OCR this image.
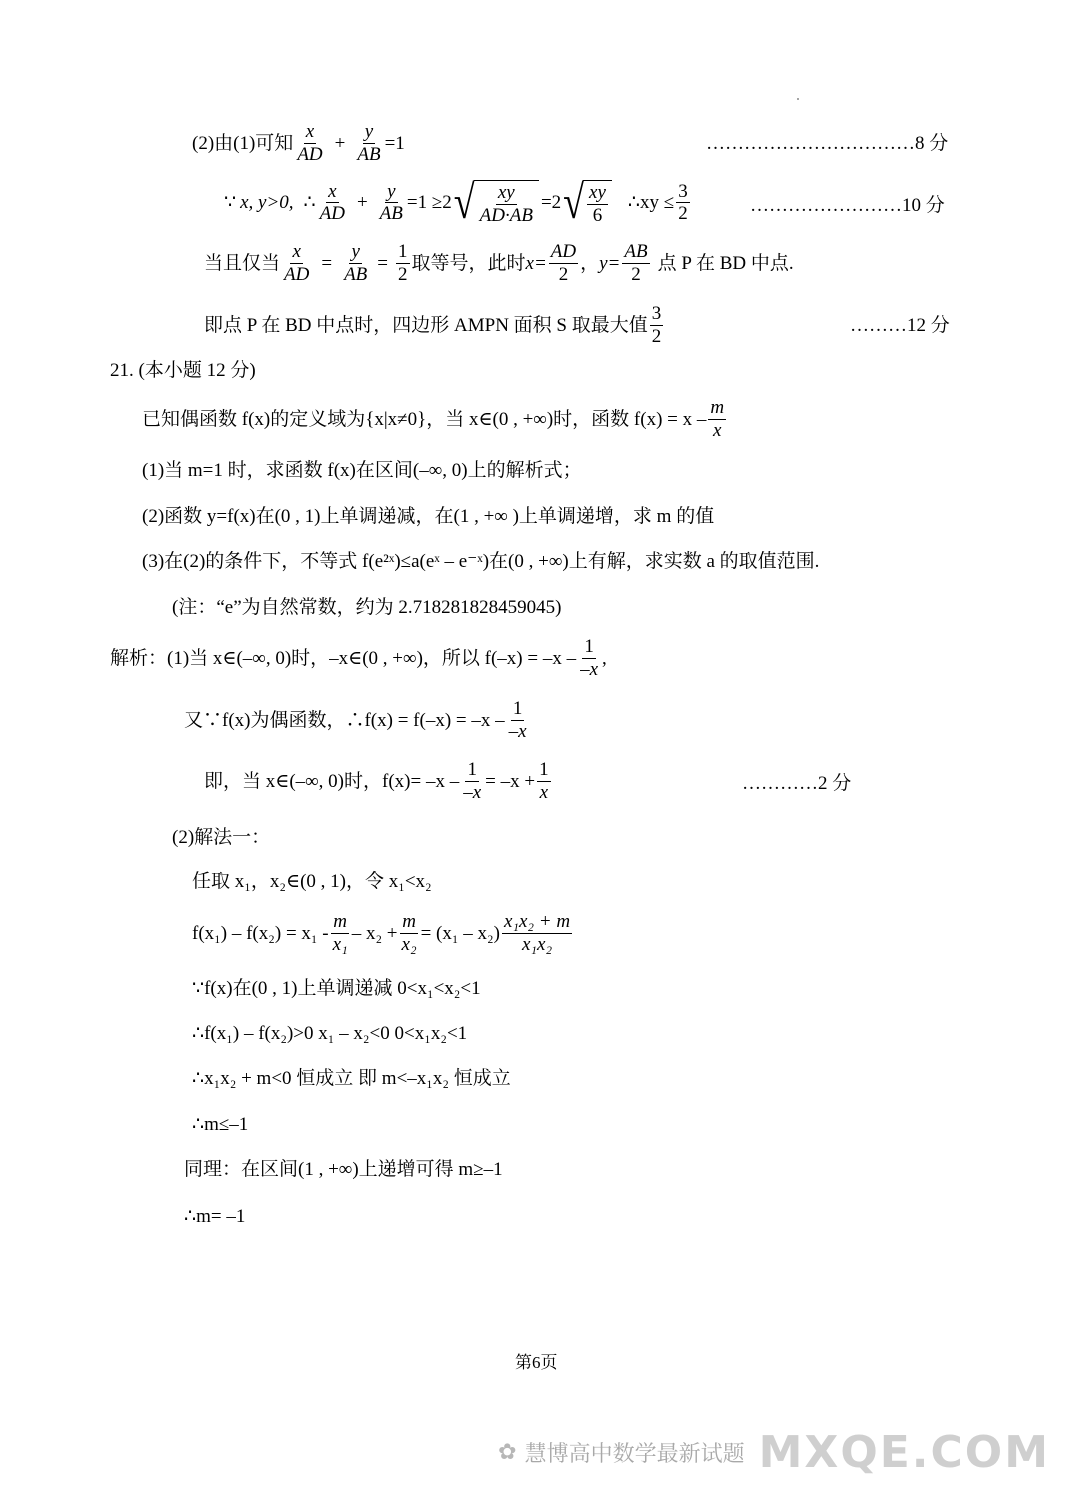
(2)由(1)可知 $\frac{x}{AD} + \frac{y}{AB} =1$	……………………………8 分
∵ x, y>0, ∴ $\frac{x}{AD} + \frac{y}{AB} =1 \ge 2$ √ $\frac{xy}{AD\cdot AB} =2$ √ $\frac{xy}{6}$ ∴xy ≤ $\frac{3}{2}$	……………………10 分
当且仅当 $\frac{x}{AD} = \frac{y}{AB} = \frac{1}{2}$ 取等号，此时 $x= \frac{AD}{2}$ ， $y= \frac{AB}{2}$ 点 P 在 BD 中点.
即点 P 在 BD 中点时，四边形 AMPN 面积 S 取最大值 $\frac{3}{2}$	………12 分
21. (本小题 12 分)
已知偶函数 f(x)的定义域为{x|x≠0}，当 x∈(0 , +∞)时，函数 $f(x) = x - \frac{m}{x}$
(1)当 m=1 时，求函数 f(x)在区间(–∞, 0)上的解析式；
(2)函数 y=f(x)在(0 , 1)上单调递减，在(1 , +∞ )上单调递增，求 m 的值
(3)在(2)的条件下，不等式 f(e²ˣ)≤a(eˣ – e⁻ˣ)在(0 , +∞)上有解，求实数 a 的取值范围.
(注：“e”为自然常数，约为 2.718281828459045)
解析：(1)当 x∈(–∞, 0)时，–x∈(0 , +∞)，所以 $f(-x) = -x - \frac{1}{-x}$ ,
又∵f(x)为偶函数，∴f(x) = $f(-x) = -x - \frac{1}{-x}$
即，当 x∈(–∞, 0)时，$f(x)= -x - \frac{1}{-x} = -x + \frac{1}{x}$	…………2 分
(2)解法一：
任取 x₁，x₂∈(0 , 1)，令 x₁<x₂
$f(x_1) - f(x_2) = x_1 - \frac{m}{\text{x₁}} - x_2 + \frac{m}{\text{x₂}} = (x_1 - x_2) \frac{\text{x₁x₂ + m}}{\text{x₁x₂}}$
∵f(x)在(0 , 1)上单调递减 0<x₁<x₂<1
∴f(x₁) – f(x₂)>0 x₁ – x₂<0 0<x₁x₂<1
∴x₁x₂ + m<0 恒成立 即 m<–x₁x₂ 恒成立
∴m≤–1
同理：在区间(1 , +∞)上递增可得 m≥–1
∴m= –1
第6页
✿ 慧博高中数学最新试题 MXQE.COM
